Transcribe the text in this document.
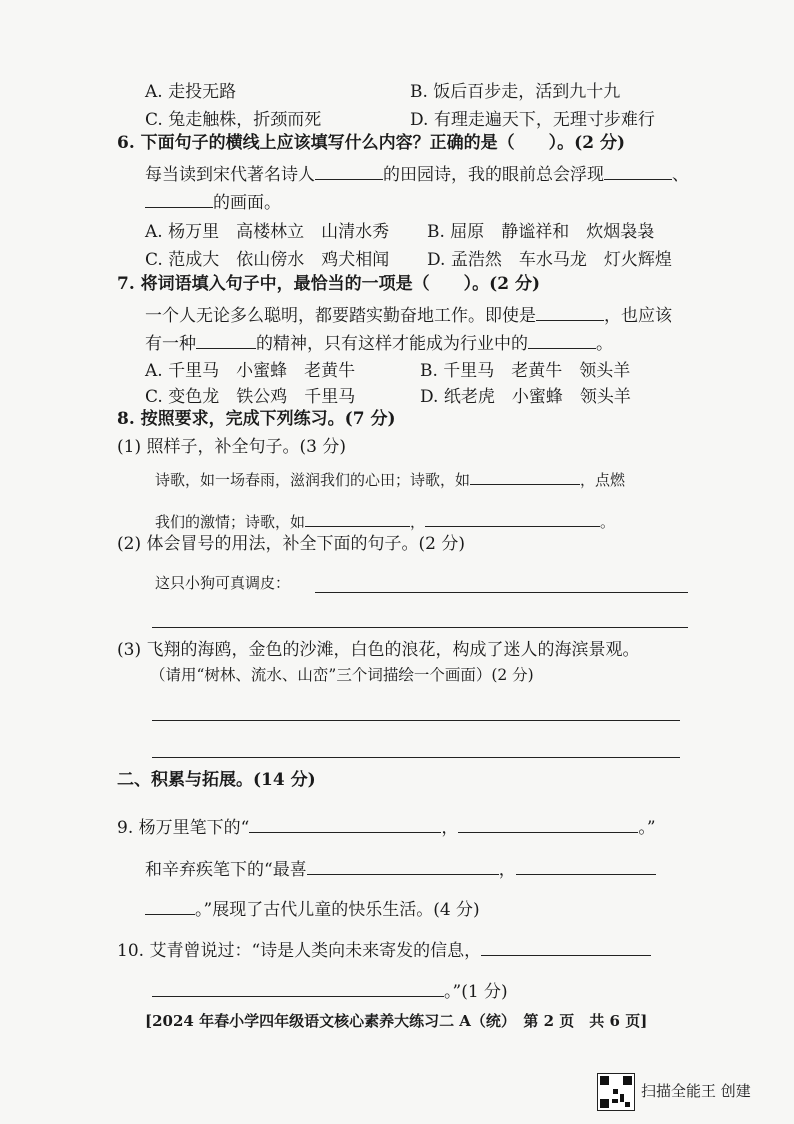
A. 走投无路	B. 饭后百步走，活到九十九
C. 兔走触株，折颈而死	D. 有理走遍天下，无理寸步难行
6. 下面句子的横线上应该填写什么内容？正确的是（　　）。(2 分)
每当读到宋代著名诗人	的田园诗，我的眼前总会浮现	、
的画面。
A. 杨万里　高楼林立　山清水秀 B. 屈原　静谧祥和　炊烟袅袅
C. 范成大　依山傍水　鸡犬相闻 D. 孟浩然　车水马龙　灯火辉煌
7. 将词语填入句子中，最恰当的一项是（　　）。(2 分)
一个人无论多么聪明，都要踏实勤奋地工作。即使是	，也应该
有一种	的精神，只有这样才能成为行业中的	。
A. 千里马　小蜜蜂　老黄牛	B. 千里马　老黄牛　领头羊
C. 变色龙　铁公鸡　千里马	D. 纸老虎　小蜜蜂　领头羊
8. 按照要求，完成下列练习。(7 分)
(1) 照样子，补全句子。(3 分)
诗歌，如一场春雨，滋润我们的心田；诗歌，如	，点燃
我们的激情；诗歌，如	，	。
(2) 体会冒号的用法，补全下面的句子。(2 分)
这只小狗可真调皮：
(3) 飞翔的海鸥，金色的沙滩，白色的浪花，构成了迷人的海滨景观。
（请用“树林、流水、山峦”三个词描绘一个画面）(2 分)
二、积累与拓展。(14 分)
9. 杨万里笔下的“	，	。”
和辛弃疾笔下的“最喜	，
。”展现了古代儿童的快乐生活。(4 分)
10. 艾青曾说过：“诗是人类向未来寄发的信息，
。”(1 分)
[2024 年春小学四年级语文核心素养大练习二 A（统）　第 2 页　共 6 页]
扫描全能王 创建
